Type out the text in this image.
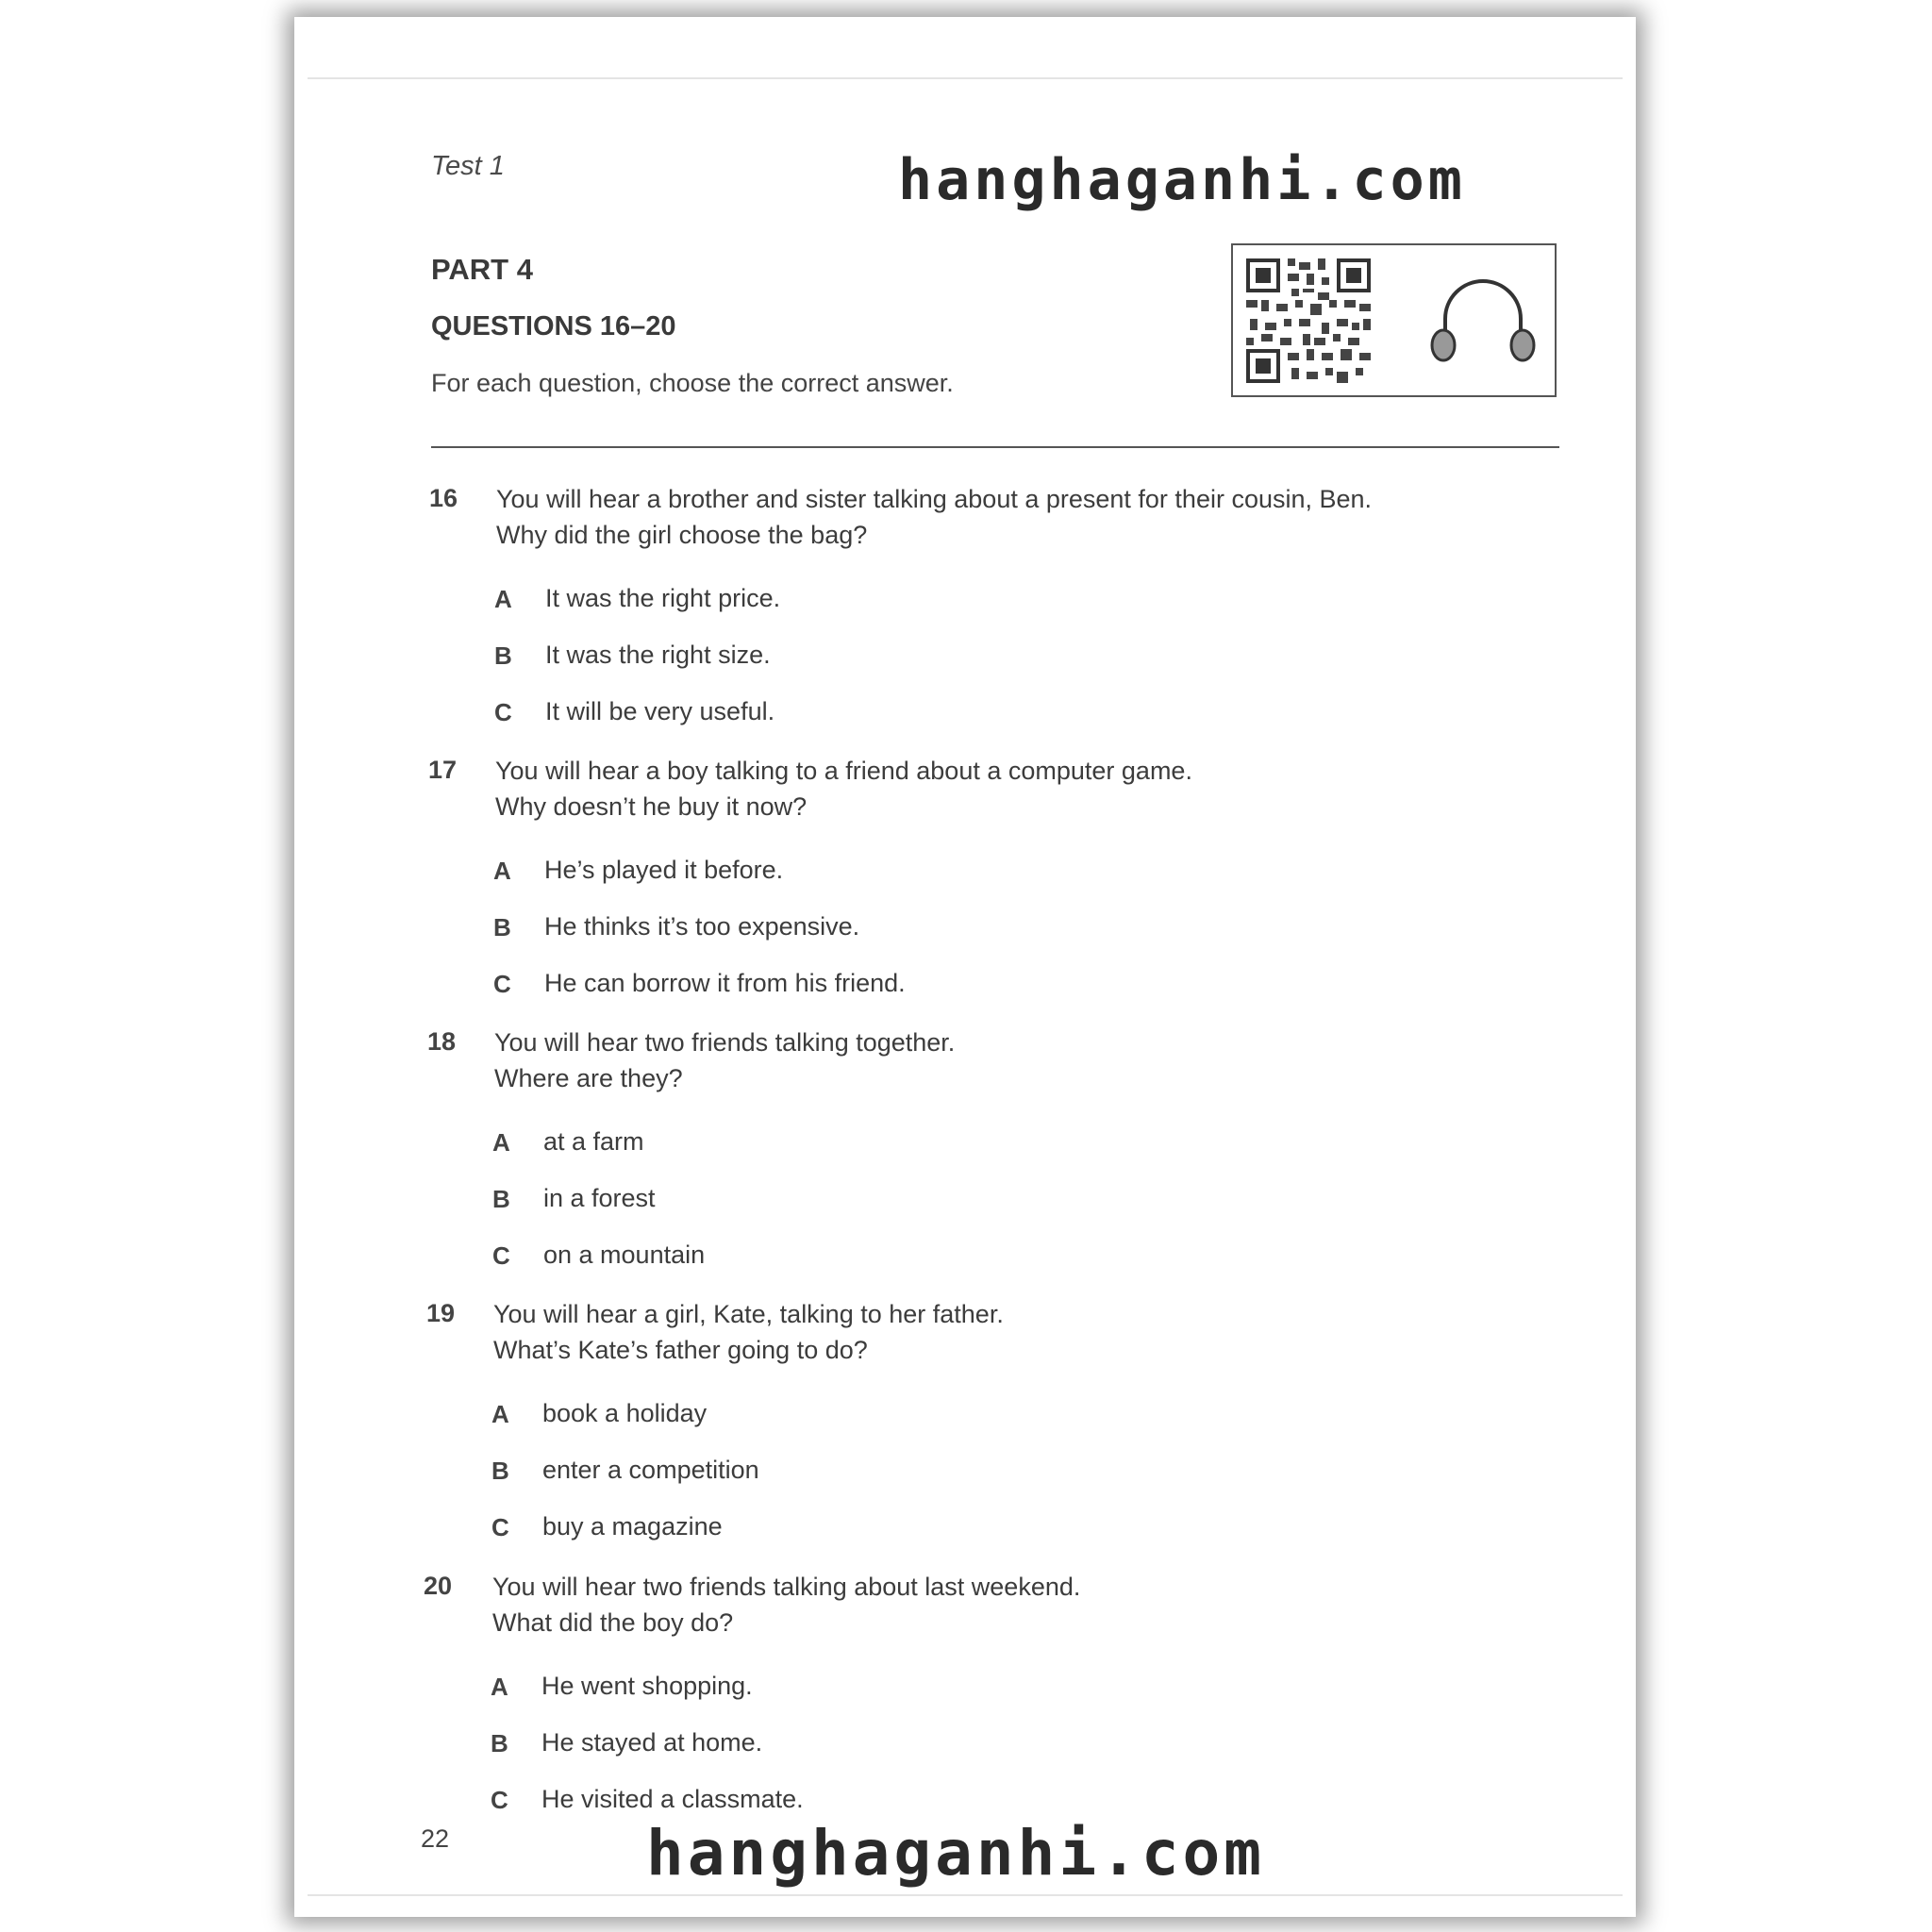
Test 1	hanghaganhi.com
PART 4
QUESTIONS 16–20
For each question, choose the correct answer.
16 You will hear a brother and sister talking about a present for their cousin, Ben.
Why did the girl choose the bag?
A It was the right price.
B It was the right size.
C It will be very useful.
17 You will hear a boy talking to a friend about a computer game.
Why doesn’t he buy it now?
A He’s played it before.
B He thinks it’s too expensive.
C He can borrow it from his friend.
18 You will hear two friends talking together.
Where are they?
A at a farm
B in a forest
C on a mountain
19 You will hear a girl, Kate, talking to her father.
What’s Kate’s father going to do?
A book a holiday
B enter a competition
C buy a magazine
20 You will hear two friends talking about last weekend.
What did the boy do?
A He went shopping.
B He stayed at home.
C He visited a classmate.
22	hanghaganhi.com
